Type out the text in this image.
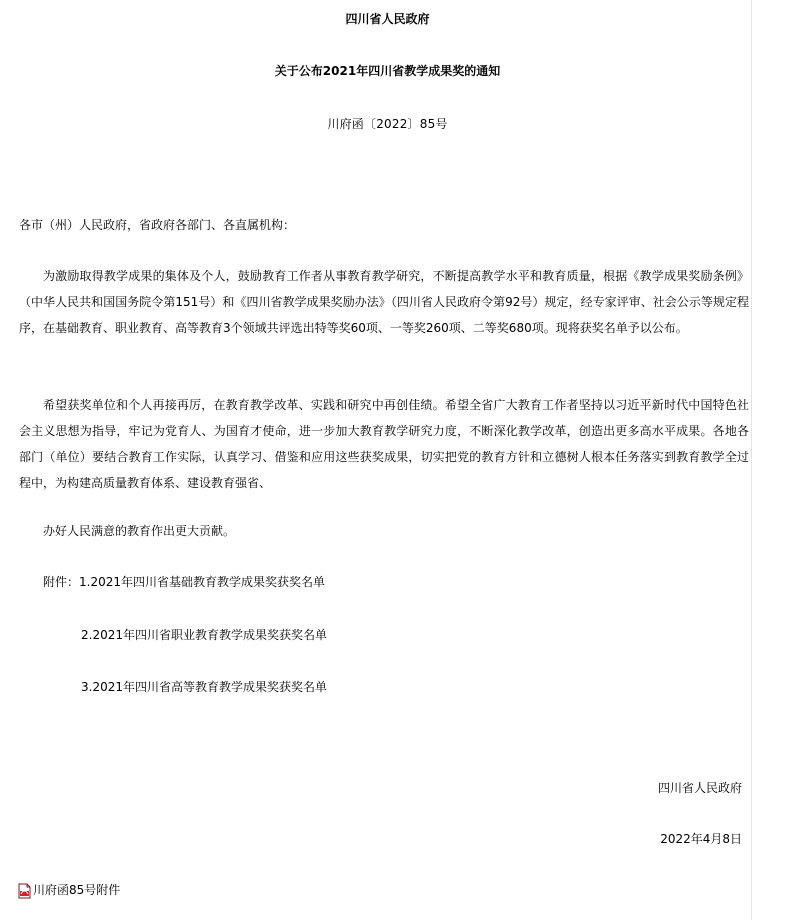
四川省人民政府
关于公布2021年四川省教学成果奖的通知
川府函〔2022〕85号
各市（州）人民政府，省政府各部门、各直属机构：
为激励取得教学成果的集体及个人，鼓励教育工作者从事教育教学研究，不断提高教学水平和教育质量，根据《教学成果奖励条例》（中华人民共和国国务院令第151号）和《四川省教学成果奖励办法》（四川省人民政府令第92号）规定，经专家评审、社会公示等规定程序，在基础教育、职业教育、高等教育3个领域共评选出特等奖60项、一等奖260项、二等奖680项。现将获奖名单予以公布。
希望获奖单位和个人再接再厉，在教育教学改革、实践和研究中再创佳绩。希望全省广大教育工作者坚持以习近平新时代中国特色社会主义思想为指导，牢记为党育人、为国育才使命，进一步加大教育教学研究力度，不断深化教学改革，创造出更多高水平成果。各地各部门（单位）要结合教育工作实际，认真学习、借鉴和应用这些获奖成果，切实把党的教育方针和立德树人根本任务落实到教育教学全过程中，为构建高质量教育体系、建设教育强省、
办好人民满意的教育作出更大贡献。
附件：1.2021年四川省基础教育教学成果奖获奖名单
2.2021年四川省职业教育教学成果奖获奖名单
3.2021年四川省高等教育教学成果奖获奖名单
四川省人民政府
2022年4月8日
川府函85号附件
